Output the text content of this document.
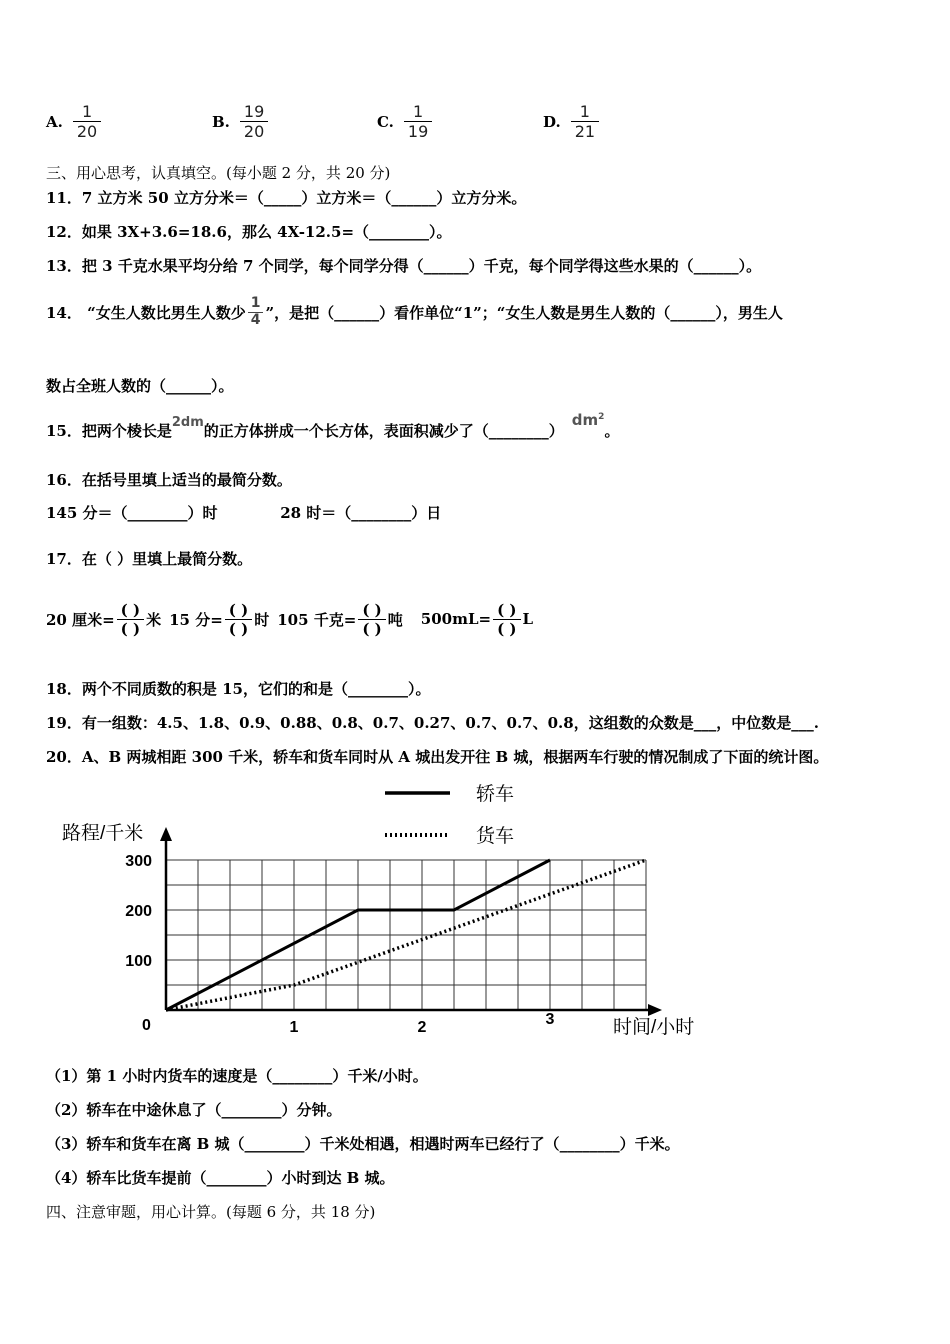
A. $\frac{1}{20}$	B. $\frac{19}{20}$	C. $\frac{1}{19}$	D. $\frac{1}{21}$
三、用心思考，认真填空。(每小题 2 分，共 20 分)
11．7 立方米 50 立方分米＝（_____）立方米＝（______）立方分米。
12．如果 3X+3.6=18.6，那么 4X-12.5=（________）。
13．把 3 千克水果平均分给 7 个同学，每个同学分得（______）千克，每个同学得这些水果的（______）。
14． “女生人数比男生人数少 $\frac{1}{4}$ ”，是把（______）看作单位“1”；“女生人数是男生人数的（______），男生人
数占全班人数的（______）。
15．把两个棱长是 2dm 的正方体拼成一个长方体，表面积减少了（________）
$dm^2$
。
16．在括号里填上适当的最简分数。
145 分＝（________）时            28 时＝（________）日
17．在（ ）里填上最简分数。
20 厘米= $\frac{( )}{( )}$ 米 15 分= $\frac{( )}{( )}$ 时 105 千克= $\frac{( )}{( )}$ 吨 $500mL= \frac{( )}{( )}$ L
18．两个不同质数的积是 15，它们的和是（________）。
19．有一组数：4.5、1.8、0.9、0.88、0.8、0.7、0.27、0.7、0.7、0.8，这组数的众数是___，中位数是___.
20．A、B 两城相距 300 千米，轿车和货车同时从 A 城出发开往 B 城，根据两车行驶的情况制成了下面的统计图。
轿车
货车
路程/千米
时间/小时
0	1	2	3
100
200
300
（1）第 1 小时内货车的速度是（________）千米/小时。
（2）轿车在中途休息了（________）分钟。
（3）轿车和货车在离 B 城（________）千米处相遇，相遇时两车已经行了（________）千米。
（4）轿车比货车提前（________）小时到达 B 城。
四、注意审题，用心计算。(每题 6 分，共 18 分)
